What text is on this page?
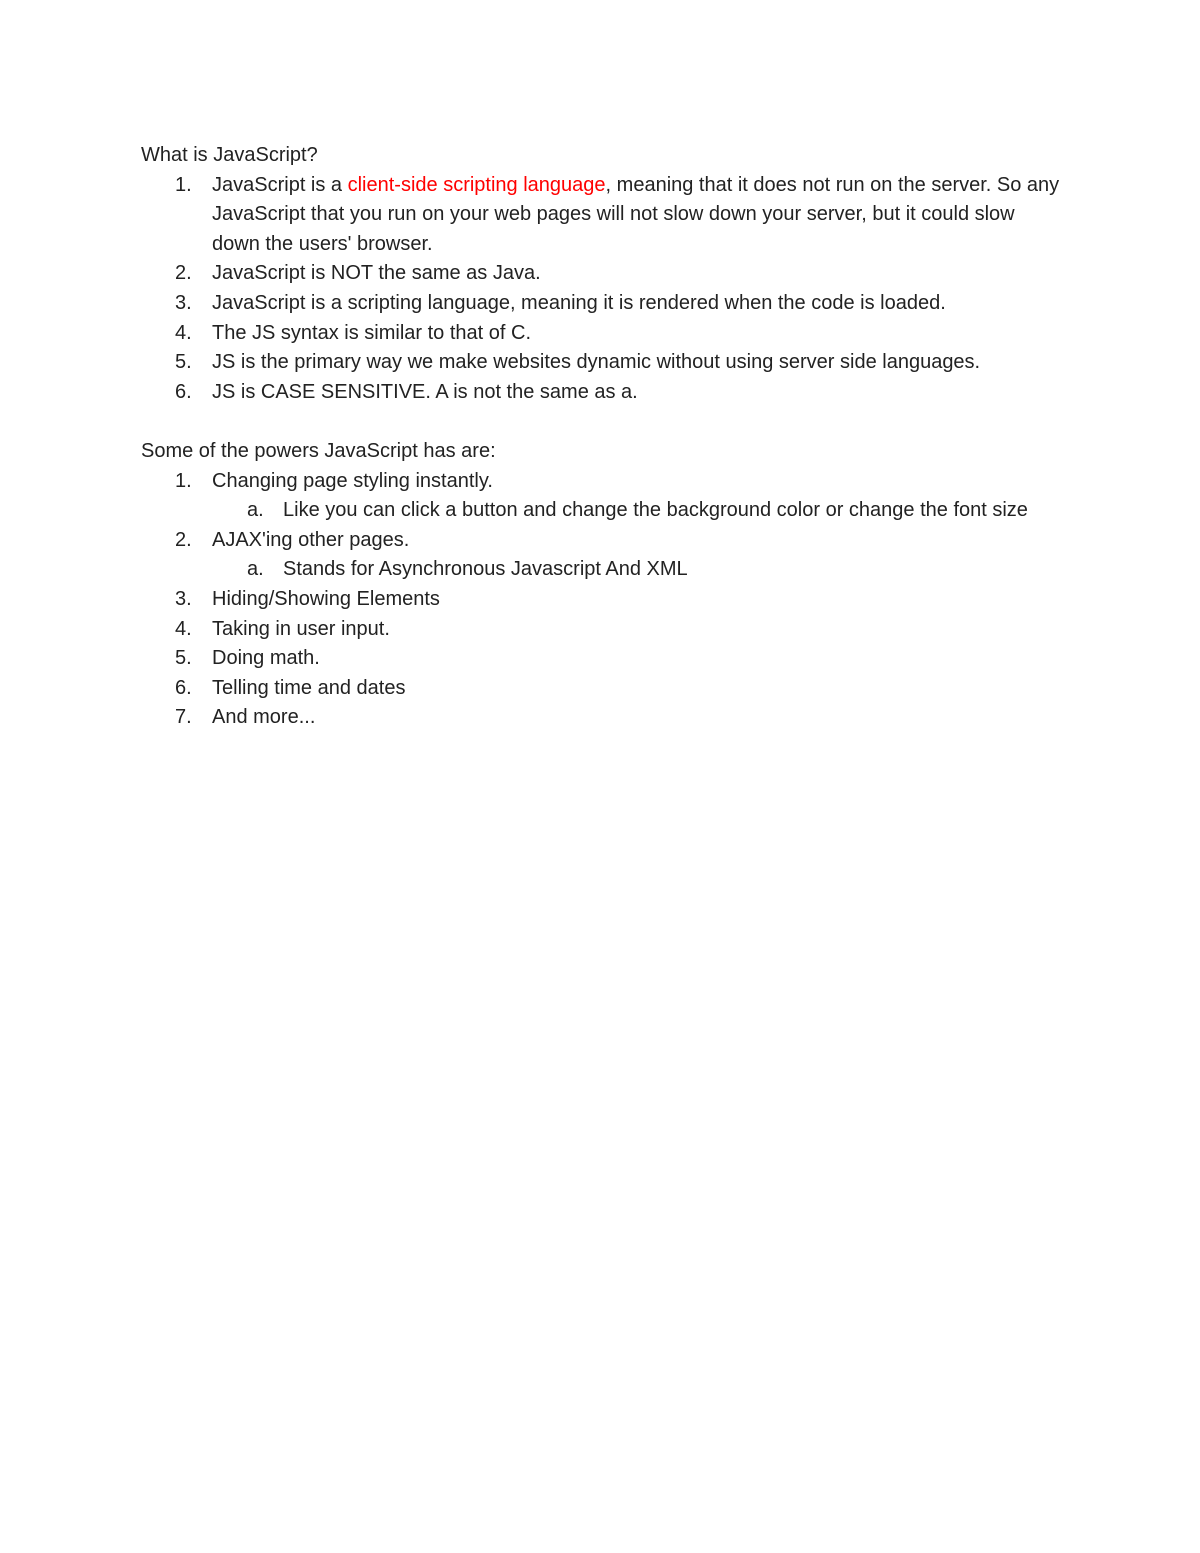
What is JavaScript?

1.	JavaScript is a client-side scripting language, meaning that it does not run on the server. So any JavaScript that you run on your web pages will not slow down your server, but it could slow down the users' browser.
2.	JavaScript is NOT the same as Java.
3.	JavaScript is a scripting language, meaning it is rendered when the code is loaded.
4.	The JS syntax is similar to that of C.
5.	JS is the primary way we make websites dynamic without using server side languages.
6.	JS is CASE SENSITIVE. A is not the same as a.

Some of the powers JavaScript has are:

1.	Changing page styling instantly.
a. Like you can click a button and change the background color or change the font size
2.	AJAX'ing other pages.
a. Stands for Asynchronous Javascript And XML
3.	Hiding/Showing Elements
4.	Taking in user input.
5.	Doing math.
6.	Telling time and dates
7.	And more...
